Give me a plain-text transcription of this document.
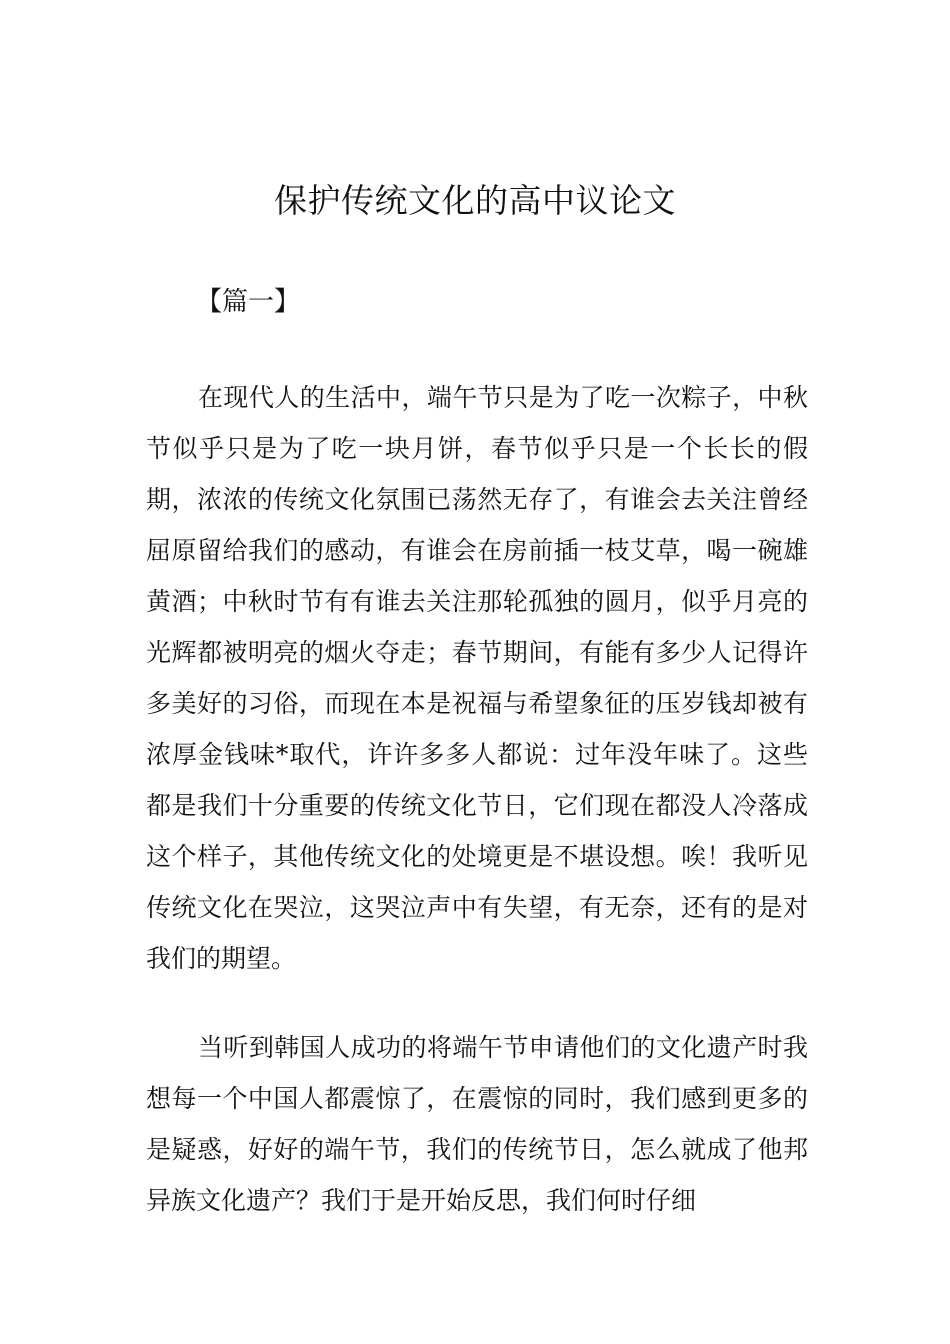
保护传统文化的高中议论文

【篇一】

在现代人的生活中，端午节只是为了吃一次粽子，中秋节似乎只是为了吃一块月饼，春节似乎只是一个长长的假期，浓浓的传统文化氛围已荡然无存了，有谁会去关注曾经屈原留给我们的感动，有谁会在房前插一枝艾草，喝一碗雄黄酒；中秋时节有有谁去关注那轮孤独的圆月，似乎月亮的光辉都被明亮的烟火夺走；春节期间，有能有多少人记得许多美好的习俗，而现在本是祝福与希望象征的压岁钱却被有浓厚金钱味*取代，许许多多人都说：过年没年味了。这些都是我们十分重要的传统文化节日，它们现在都没人冷落成这个样子，其他传统文化的处境更是不堪设想。唉！我听见传统文化在哭泣，这哭泣声中有失望，有无奈，还有的是对我们的期望。

当听到韩国人成功的将端午节申请他们的文化遗产时我想每一个中国人都震惊了，在震惊的同时，我们感到更多的是疑惑，好好的端午节，我们的传统节日，怎么就成了他邦异族文化遗产？我们于是开始反思，我们何时仔细
